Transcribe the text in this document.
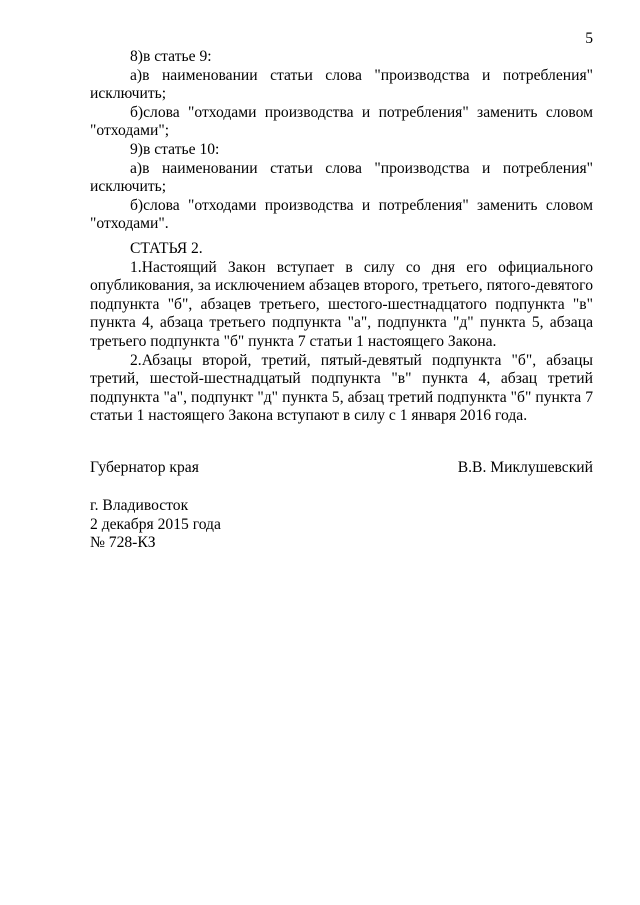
5

8)в статье 9:

а)в наименовании статьи слова "производства и потребления" исключить;

б)слова "отходами производства и потребления" заменить словом "отходами";

9)в статье 10:

а)в наименовании статьи слова "производства и потребления" исключить;

б)слова "отходами производства и потребления" заменить словом "отходами".

СТАТЬЯ 2.

1.Настоящий Закон вступает в силу со дня его официального опубликования, за исключением абзацев второго, третьего, пятого-девятого подпункта "б", абзацев третьего, шестого-шестнадцатого подпункта "в" пункта 4, абзаца третьего подпункта "а", подпункта "д" пункта 5, абзаца третьего подпункта "б" пункта 7 статьи 1 настоящего Закона.

2.Абзацы второй, третий, пятый-девятый подпункта "б", абзацы третий, шестой-шестнадцатый подпункта "в" пункта 4, абзац третий подпункта "а", подпункт "д" пункта 5, абзац третий подпункта "б" пункта 7 статьи 1 настоящего Закона вступают в силу с 1 января 2016 года.

Губернатор края	В.В. Миклушевский
г. Владивосток
2 декабря 2015 года
№ 728-КЗ
